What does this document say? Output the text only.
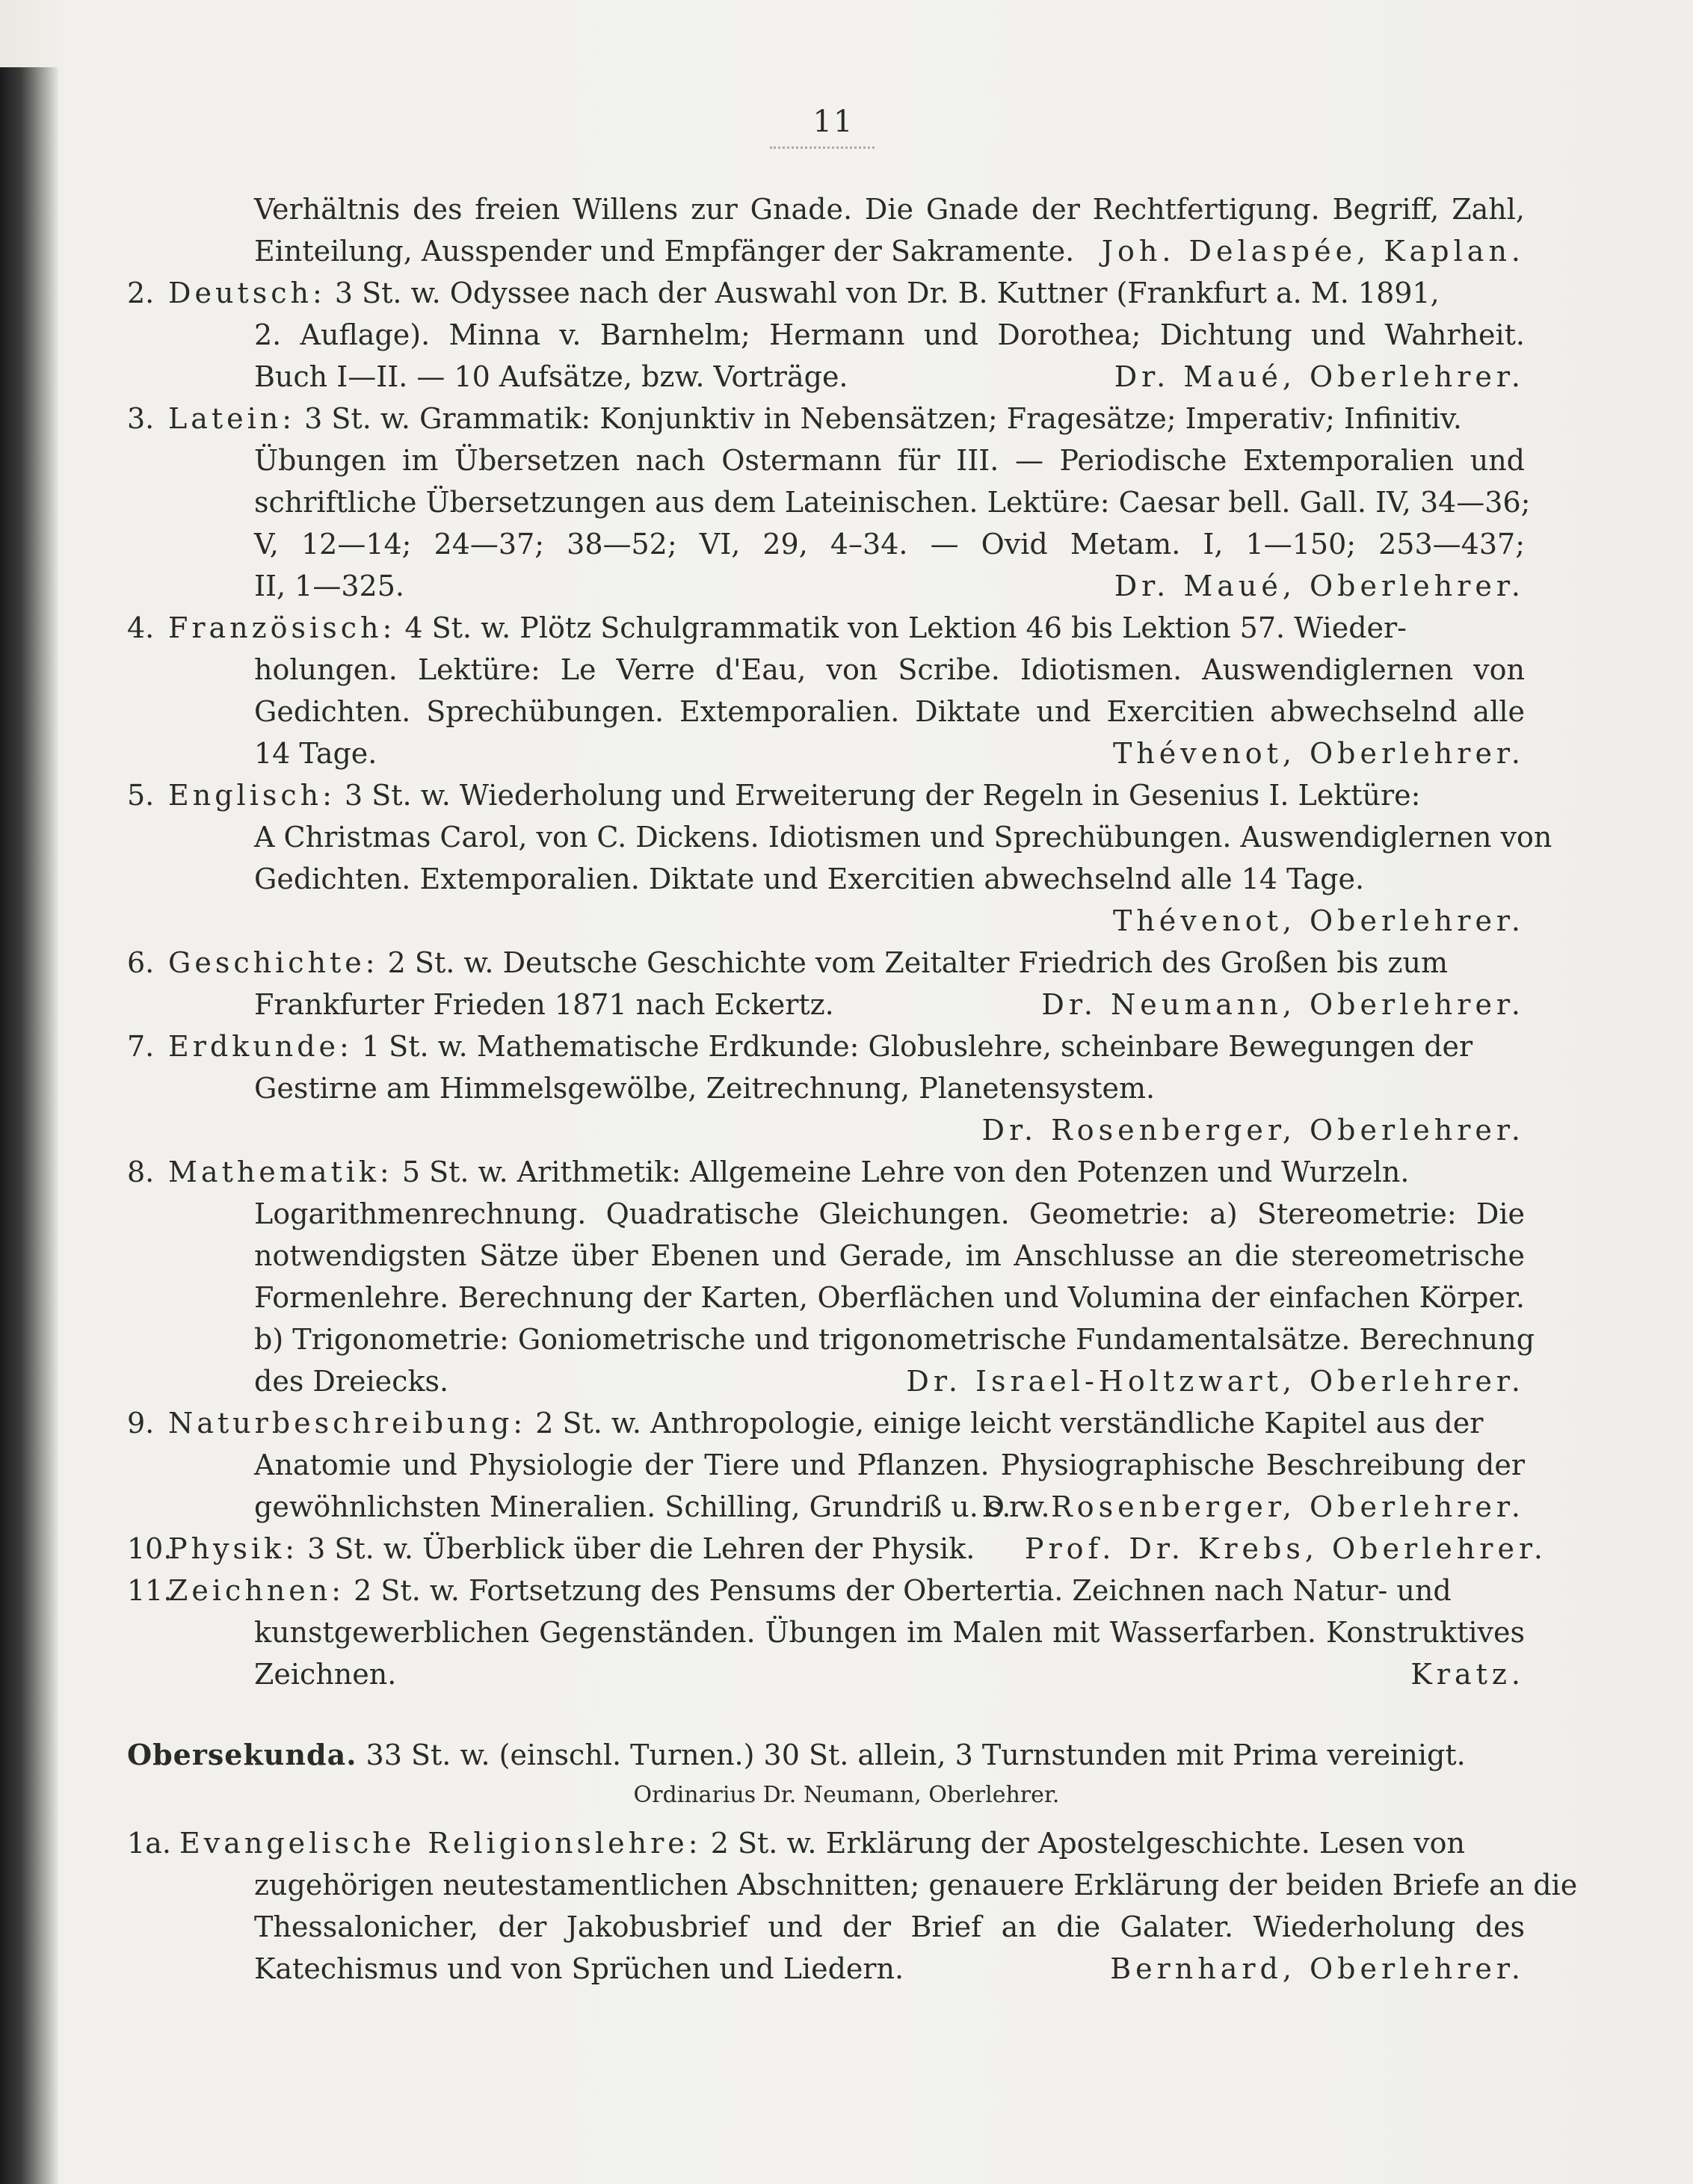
11
Verhältnis des freien Willens zur Gnade. Die Gnade der Rechtfertigung. Begriff, Zahl,
Einteilung, Ausspender und Empfänger der Sakramente. Joh. Delaspée, Kaplan.
2. Deutsch: 3 St. w. Odyssee nach der Auswahl von Dr. B. Kuttner (Frankfurt a. M. 1891,
2. Auflage). Minna v. Barnhelm; Hermann und Dorothea; Dichtung und Wahrheit.
Buch I—II. — 10 Aufsätze, bzw. Vorträge.	Dr. Maué, Oberlehrer.
3. Latein: 3 St. w. Grammatik: Konjunktiv in Nebensätzen; Fragesätze; Imperativ; Infinitiv.
Übungen im Übersetzen nach Ostermann für III. — Periodische Extemporalien und
schriftliche Übersetzungen aus dem Lateinischen. Lektüre: Caesar bell. Gall. IV, 34—36;
V, 12—14; 24—37; 38—52; VI, 29, 4–34. — Ovid Metam. I, 1—150; 253—437;
II, 1—325.	Dr. Maué, Oberlehrer.
4. Französisch: 4 St. w. Plötz Schulgrammatik von Lektion 46 bis Lektion 57. Wieder-
holungen. Lektüre: Le Verre d'Eau, von Scribe. Idiotismen. Auswendiglernen von
Gedichten. Sprechübungen. Extemporalien. Diktate und Exercitien abwechselnd alle
14 Tage.	Thévenot, Oberlehrer.
5. Englisch: 3 St. w. Wiederholung und Erweiterung der Regeln in Gesenius I. Lektüre:
A Christmas Carol, von C. Dickens. Idiotismen und Sprechübungen. Auswendiglernen von
Gedichten. Extemporalien. Diktate und Exercitien abwechselnd alle 14 Tage.
Thévenot, Oberlehrer.
6. Geschichte: 2 St. w. Deutsche Geschichte vom Zeitalter Friedrich des Großen bis zum
Frankfurter Frieden 1871 nach Eckertz.	Dr. Neumann, Oberlehrer.
7. Erdkunde: 1 St. w. Mathematische Erdkunde: Globuslehre, scheinbare Bewegungen der
Gestirne am Himmelsgewölbe, Zeitrechnung, Planetensystem.
Dr. Rosenberger, Oberlehrer.
8. Mathematik: 5 St. w. Arithmetik: Allgemeine Lehre von den Potenzen und Wurzeln.
Logarithmenrechnung. Quadratische Gleichungen. Geometrie: a) Stereometrie: Die
notwendigsten Sätze über Ebenen und Gerade, im Anschlusse an die stereometrische
Formenlehre. Berechnung der Karten, Oberflächen und Volumina der einfachen Körper.
b) Trigonometrie: Goniometrische und trigonometrische Fundamentalsätze. Berechnung
des Dreiecks.	Dr. Israel-Holtzwart, Oberlehrer.
9. Naturbeschreibung: 2 St. w. Anthropologie, einige leicht verständliche Kapitel aus der
Anatomie und Physiologie der Tiere und Pflanzen. Physiographische Beschreibung der
gewöhnlichsten Mineralien. Schilling, Grundriß u. s. w.
Dr. Rosenberger, Oberlehrer.
10.
Physik: 3 St. w. Überblick über die Lehren der Physik. Prof. Dr. Krebs, Oberlehrer.
11.
Zeichnen: 2 St. w. Fortsetzung des Pensums der Obertertia. Zeichnen nach Natur- und
kunstgewerblichen Gegenständen. Übungen im Malen mit Wasserfarben. Konstruktives
Zeichnen.	Kratz.
Obersekunda. 33 St. w. (einschl. Turnen.) 30 St. allein, 3 Turnstunden mit Prima vereinigt.
Ordinarius Dr. Neumann, Oberlehrer.
1a. Evangelische Religionslehre: 2 St. w. Erklärung der Apostelgeschichte. Lesen von
zugehörigen neutestamentlichen Abschnitten; genauere Erklärung der beiden Briefe an die
Thessalonicher, der Jakobusbrief und der Brief an die Galater. Wiederholung des
Katechismus und von Sprüchen und Liedern.	Bernhard, Oberlehrer.
